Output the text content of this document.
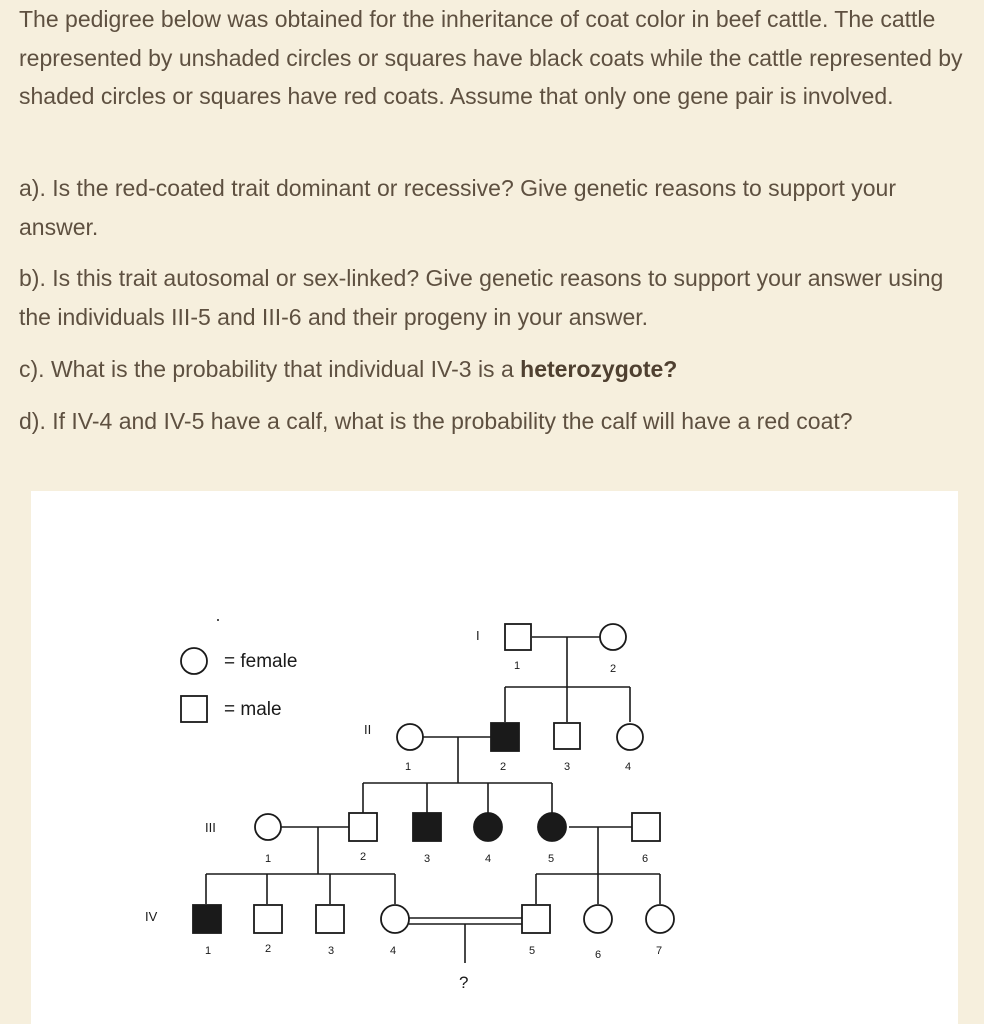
The pedigree below was obtained for the inheritance of coat color in beef cattle. The cattle represented by unshaded circles or squares have black coats while the cattle represented by shaded circles or squares have red coats. Assume that only one gene pair is involved.

a). Is the red-coated trait dominant or recessive? Give genetic reasons to support your answer.

b). Is this trait autosomal or sex-linked? Give genetic reasons to support your answer using the individuals III-5 and III-6 and their progeny in your answer.

c). What is the probability that individual IV-3 is a heterozygote?

d). If IV-4 and IV-5 have a calf, what is the probability the calf will have a red coat?

= female
= male
I
II
III
IV
1	2
1	2	3	4
1	2	3	4	5	6
1	2	3	4	5	6	7
?
